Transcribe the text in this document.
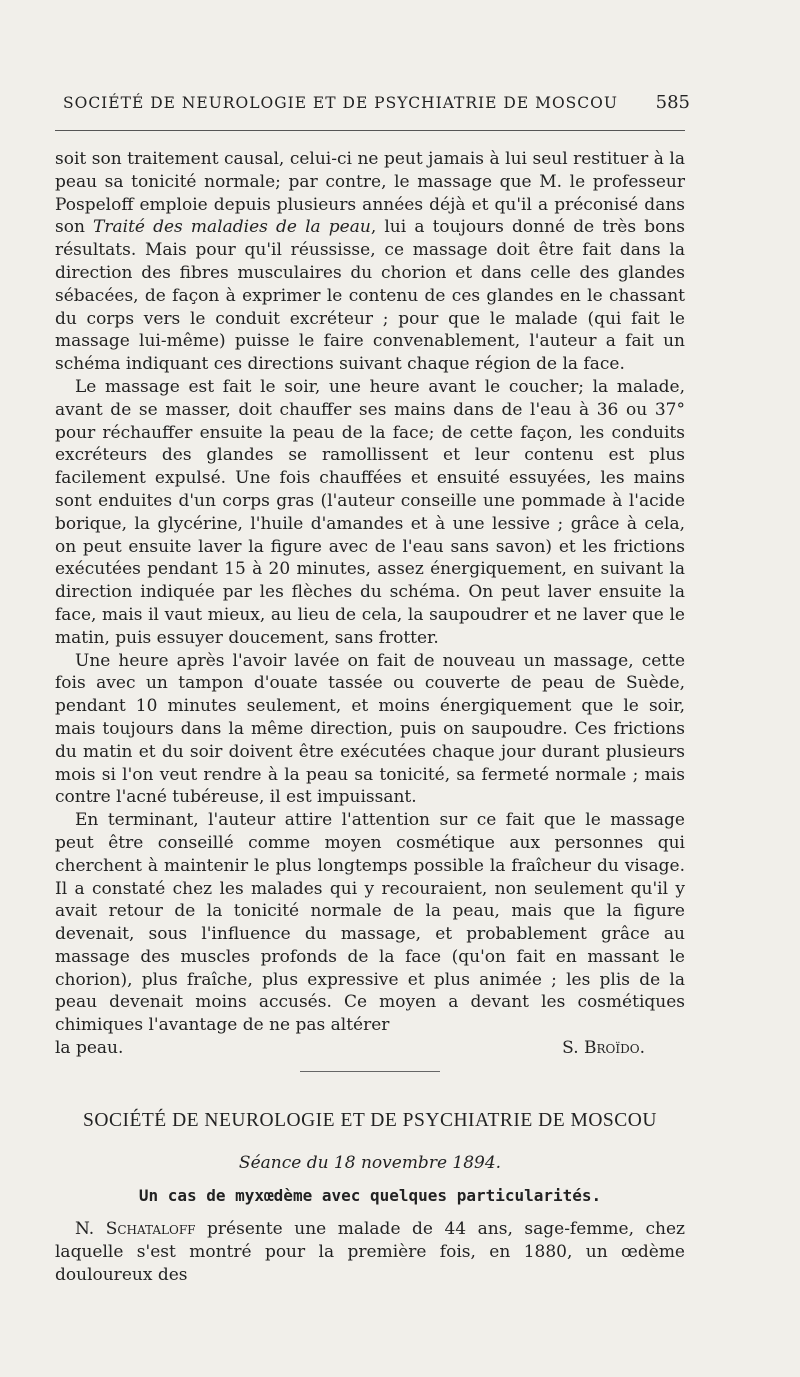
SOCIÉTÉ DE NEUROLOGIE ET DE PSYCHIATRIE DE MOSCOU 585

soit son traitement causal, celui-ci ne peut jamais à lui seul restituer à la peau sa tonicité normale; par contre, le massage que M. le professeur Pospeloff emploie depuis plusieurs années déjà et qu'il a préconisé dans son Traité des maladies de la peau, lui a toujours donné de très bons résultats. Mais pour qu'il réussisse, ce massage doit être fait dans la direction des fibres musculaires du chorion et dans celle des glandes sébacées, de façon à exprimer le contenu de ces glandes en le chassant du corps vers le conduit excréteur ; pour que le malade (qui fait le massage lui-même) puisse le faire convenablement, l'auteur a fait un schéma indiquant ces directions suivant chaque région de la face.

Le massage est fait le soir, une heure avant le coucher; la malade, avant de se masser, doit chauffer ses mains dans de l'eau à 36 ou 37° pour réchauffer ensuite la peau de la face; de cette façon, les conduits excréteurs des glandes se ramollissent et leur contenu est plus facilement expulsé. Une fois chauffées et ensuité essuyées, les mains sont enduites d'un corps gras (l'auteur conseille une pommade à l'acide borique, la glycérine, l'huile d'amandes et à une lessive ; grâce à cela, on peut ensuite laver la figure avec de l'eau sans savon) et les frictions exécutées pendant 15 à 20 minutes, assez énergiquement, en suivant la direction indiquée par les flèches du schéma. On peut laver ensuite la face, mais il vaut mieux, au lieu de cela, la saupoudrer et ne laver que le matin, puis essuyer doucement, sans frotter.

Une heure après l'avoir lavée on fait de nouveau un massage, cette fois avec un tampon d'ouate tassée ou couverte de peau de Suède, pendant 10 minutes seulement, et moins énergiquement que le soir, mais toujours dans la même direction, puis on saupoudre. Ces frictions du matin et du soir doivent être exécutées chaque jour durant plusieurs mois si l'on veut rendre à la peau sa tonicité, sa fermeté normale ; mais contre l'acné tubéreuse, il est impuissant.

En terminant, l'auteur attire l'attention sur ce fait que le massage peut être conseillé comme moyen cosmétique aux personnes qui cherchent à maintenir le plus longtemps possible la fraîcheur du visage. Il a constaté chez les malades qui y recouraient, non seulement qu'il y avait retour de la tonicité normale de la peau, mais que la figure devenait, sous l'influence du massage, et probablement grâce au massage des muscles profonds de la face (qu'on fait en massant le chorion), plus fraîche, plus expressive et plus animée ; les plis de la peau devenait moins accusés. Ce moyen a devant les cosmétiques chimiques l'avantage de ne pas altérer

la peau.	S. Broïdo.
SOCIÉTÉ DE NEUROLOGIE ET DE PSYCHIATRIE DE MOSCOU
Séance du 18 novembre 1894.
Un cas de myxœdème avec quelques particularités.

N. Schataloff présente une malade de 44 ans, sage-femme, chez laquelle s'est montré pour la première fois, en 1880, un œdème douloureux des
